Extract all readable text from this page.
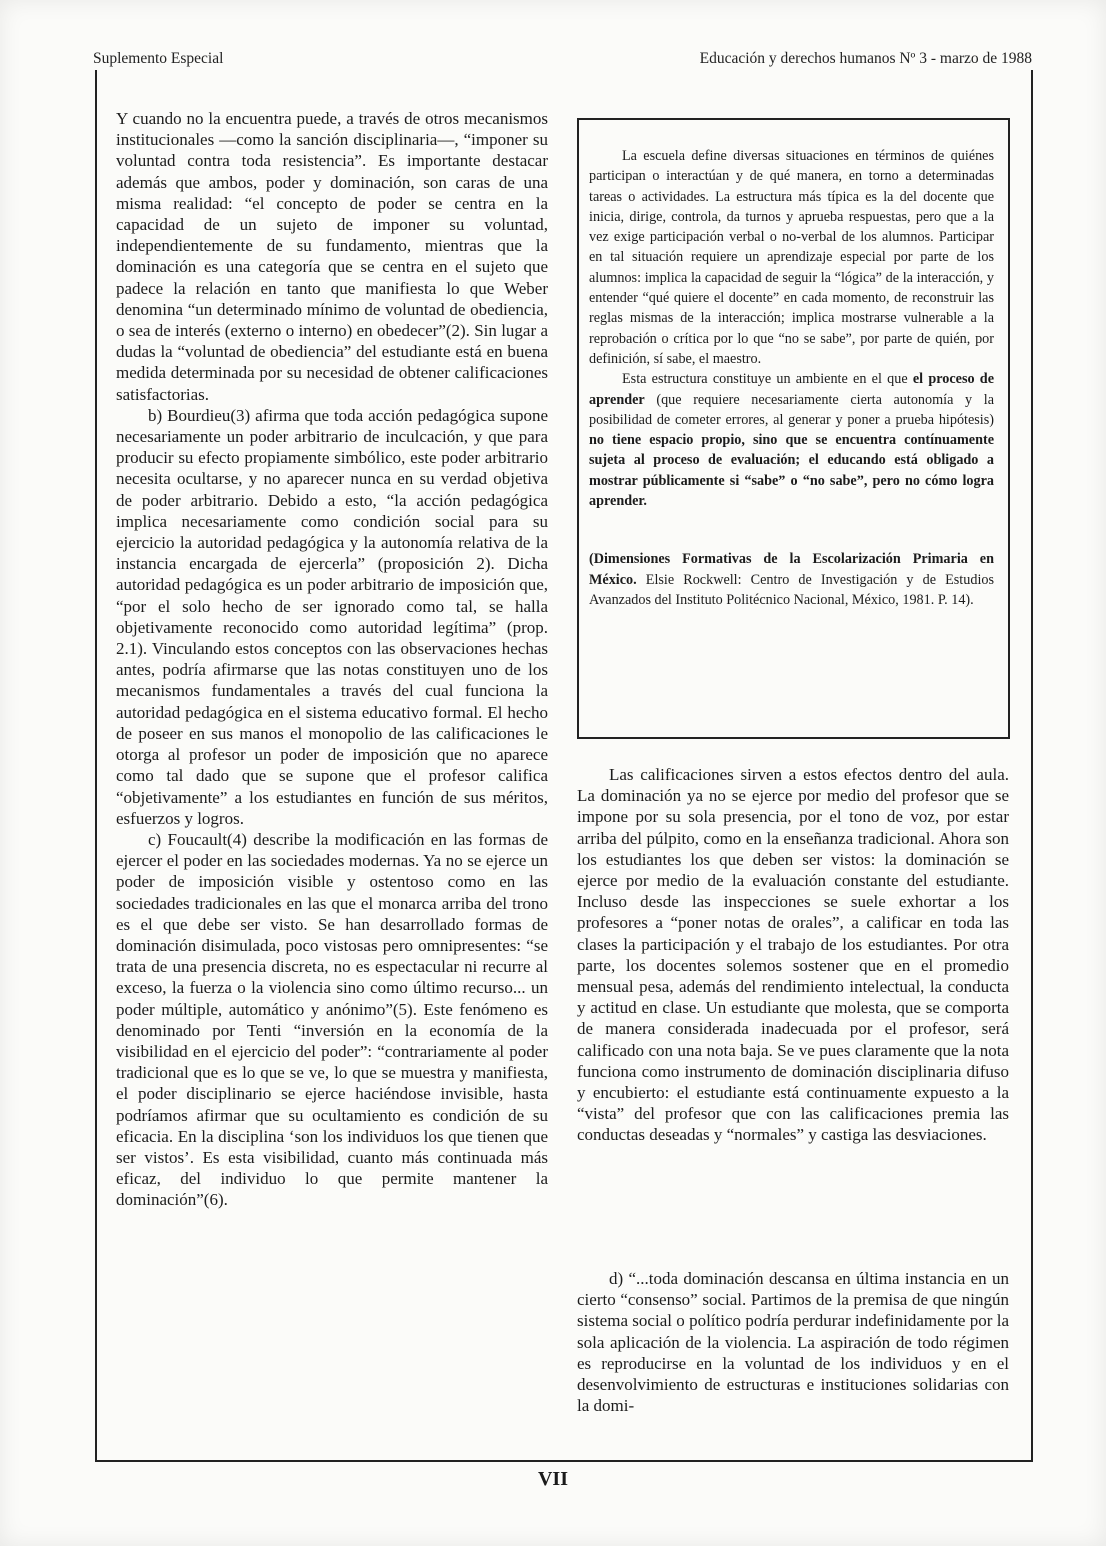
Suplemento Especial	Educación y derechos humanos Nº 3 - marzo de 1988

Y cuando no la encuentra puede, a través de otros mecanismos institucionales —como la sanción disciplinaria—, “imponer su voluntad contra toda resistencia”. Es importante destacar además que ambos, poder y dominación, son caras de una misma realidad: “el concepto de poder se centra en la capacidad de un sujeto de imponer su voluntad, independientemente de su fundamento, mientras que la dominación es una categoría que se centra en el sujeto que padece la relación en tanto que manifiesta lo que Weber denomina “un determinado mínimo de voluntad de obediencia, o sea de interés (externo o interno) en obedecer”(2). Sin lugar a dudas la “voluntad de obediencia” del estudiante está en buena medida determinada por su necesidad de obtener calificaciones satisfactorias.

b) Bourdieu(3) afirma que toda acción pedagógica supone necesariamente un poder arbitrario de inculcación, y que para producir su efecto propiamente simbólico, este poder arbitrario necesita ocultarse, y no aparecer nunca en su verdad objetiva de poder arbitrario. Debido a esto, “la acción pedagógica implica necesariamente como condición social para su ejercicio la autoridad pedagógica y la autonomía relativa de la instancia encargada de ejercerla” (proposición 2). Dicha autoridad pedagógica es un poder arbitrario de imposición que, “por el solo hecho de ser ignorado como tal, se halla objetivamente reconocido como autoridad legítima” (prop. 2.1). Vinculando estos conceptos con las observaciones hechas antes, podría afirmarse que las notas constituyen uno de los mecanismos fundamentales a través del cual funciona la autoridad pedagógica en el sistema educativo formal. El hecho de poseer en sus manos el monopolio de las calificaciones le otorga al profesor un poder de imposición que no aparece como tal dado que se supone que el profesor califica “objetivamente” a los estudiantes en función de sus méritos, esfuerzos y logros.

c) Foucault(4) describe la modificación en las formas de ejercer el poder en las sociedades modernas. Ya no se ejerce un poder de imposición visible y ostentoso como en las sociedades tradicionales en las que el monarca arriba del trono es el que debe ser visto. Se han desarrollado formas de dominación disimulada, poco vistosas pero omnipresentes: “se trata de una presencia discreta, no es espectacular ni recurre al exceso, la fuerza o la violencia sino como último recurso... un poder múltiple, automático y anónimo”(5). Este fenómeno es denominado por Tenti “inversión en la economía de la visibilidad en el ejercicio del poder”: “contrariamente al poder tradicional que es lo que se ve, lo que se muestra y manifiesta, el poder disciplinario se ejerce haciéndose invisible, hasta podríamos afirmar que su ocultamiento es condición de su eficacia. En la disciplina ‘son los individuos los que tienen que ser vistos’. Es esta visibilidad, cuanto más continuada más eficaz, del individuo lo que permite mantener la dominación”(6).

La escuela define diversas situaciones en términos de quiénes participan o interactúan y de qué manera, en torno a determinadas tareas o actividades. La estructura más típica es la del docente que inicia, dirige, controla, da turnos y aprueba respuestas, pero que a la vez exige participación verbal o no-verbal de los alumnos. Participar en tal situación requiere un aprendizaje especial por parte de los alumnos: implica la capacidad de seguir la “lógica” de la interacción, y entender “qué quiere el docente” en cada momento, de reconstruir las reglas mismas de la interacción; implica mostrarse vulnerable a la reprobación o crítica por lo que “no se sabe”, por parte de quién, por definición, sí sabe, el maestro.

Esta estructura constituye un ambiente en el que el proceso de aprender (que requiere necesariamente cierta autonomía y la posibilidad de cometer errores, al generar y poner a prueba hipótesis) no tiene espacio propio, sino que se encuentra contínuamente sujeta al proceso de evaluación; el educando está obligado a mostrar públicamente si “sabe” o “no sabe”, pero no cómo logra aprender.

(Dimensiones Formativas de la Escolarización Primaria en México. Elsie Rockwell: Centro de Investigación y de Estudios Avanzados del Instituto Politécnico Nacional, México, 1981. P. 14).

Las calificaciones sirven a estos efectos dentro del aula. La dominación ya no se ejerce por medio del profesor que se impone por su sola presencia, por el tono de voz, por estar arriba del púlpito, como en la enseñanza tradicional. Ahora son los estudiantes los que deben ser vistos: la dominación se ejerce por medio de la evaluación constante del estudiante. Incluso desde las inspecciones se suele exhortar a los profesores a “poner notas de orales”, a calificar en toda las clases la participación y el trabajo de los estudiantes. Por otra parte, los docentes solemos sostener que en el promedio mensual pesa, además del rendimiento intelectual, la conducta y actitud en clase. Un estudiante que molesta, que se comporta de manera considerada inadecuada por el profesor, será calificado con una nota baja. Se ve pues claramente que la nota funciona como instrumento de dominación disciplinaria difuso y encubierto: el estudiante está continuamente expuesto a la “vista” del profesor que con las calificaciones premia las conductas deseadas y “normales” y castiga las desviaciones.

d) “...toda dominación descansa en última instancia en un cierto “consenso” social. Partimos de la premisa de que ningún sistema social o político podría perdurar indefinidamente por la sola aplicación de la violencia. La aspiración de todo régimen es reproducirse en la voluntad de los individuos y en el desenvolvimiento de estructuras e instituciones solidarias con la domi-

VII
